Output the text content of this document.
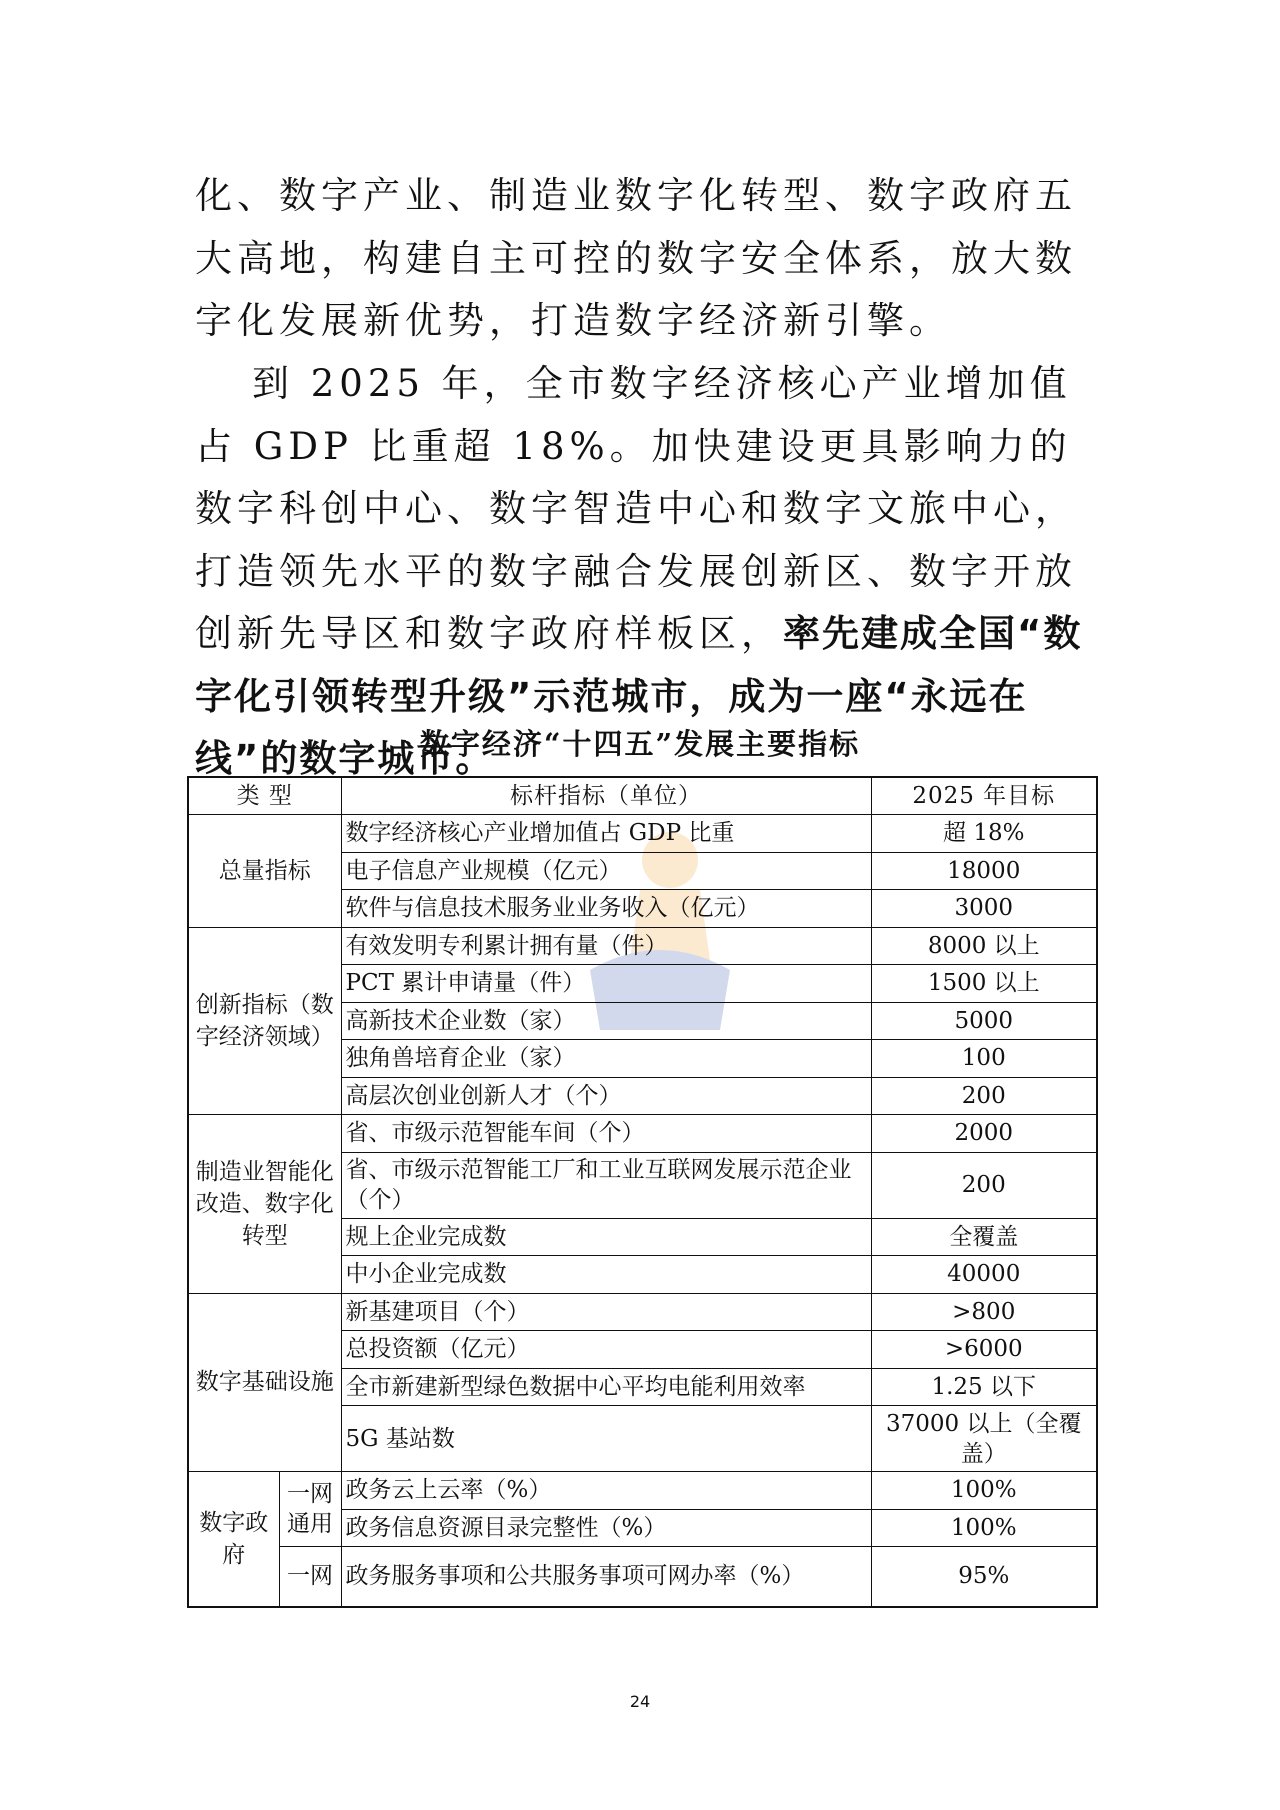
化、数字产业、制造业数字化转型、数字政府五大高地，构建自主可控的数字安全体系，放大数字化发展新优势，打造数字经济新引擎。

到 2025 年，全市数字经济核心产业增加值占 GDP 比重超 18%。加快建设更具影响力的数字科创中心、数字智造中心和数字文旅中心，打造领先水平的数字融合发展创新区、数字开放创新先导区和数字政府样板区，率先建成全国“数字化引领转型升级”示范城市，成为一座“永远在线”的数字城市。

数字经济“十四五”发展主要指标
类 型		标杆指标（单位）	2025 年目标
总量指标		数字经济核心产业增加值占 GDP 比重	超 18%
		电子信息产业规模（亿元）	18000
		软件与信息技术服务业业务收入（亿元）	3000
创新指标（数字经济领域）		有效发明专利累计拥有量（件）	8000 以上
		PCT 累计申请量（件）	1500 以上
		高新技术企业数（家）	5000
		独角兽培育企业（家）	100
		高层次创业创新人才（个）	200
制造业智能化改造、数字化转型		省、市级示范智能车间（个）	2000
		省、市级示范智能工厂和工业互联网发展示范企业（个）	200
		规上企业完成数	全覆盖
		中小企业完成数	40000
数字基础设施		新基建项目（个）	>800
		总投资额（亿元）	>6000
		全市新建新型绿色数据中心平均电能利用效率	1.25 以下
		5G 基站数	37000 以上（全覆盖）
数字政府	一网通用	政务云上云率（%）	100%
		政务信息资源目录完整性（%）	100%
	一网	政务服务事项和公共服务事项可网办率（%）	95%
24
